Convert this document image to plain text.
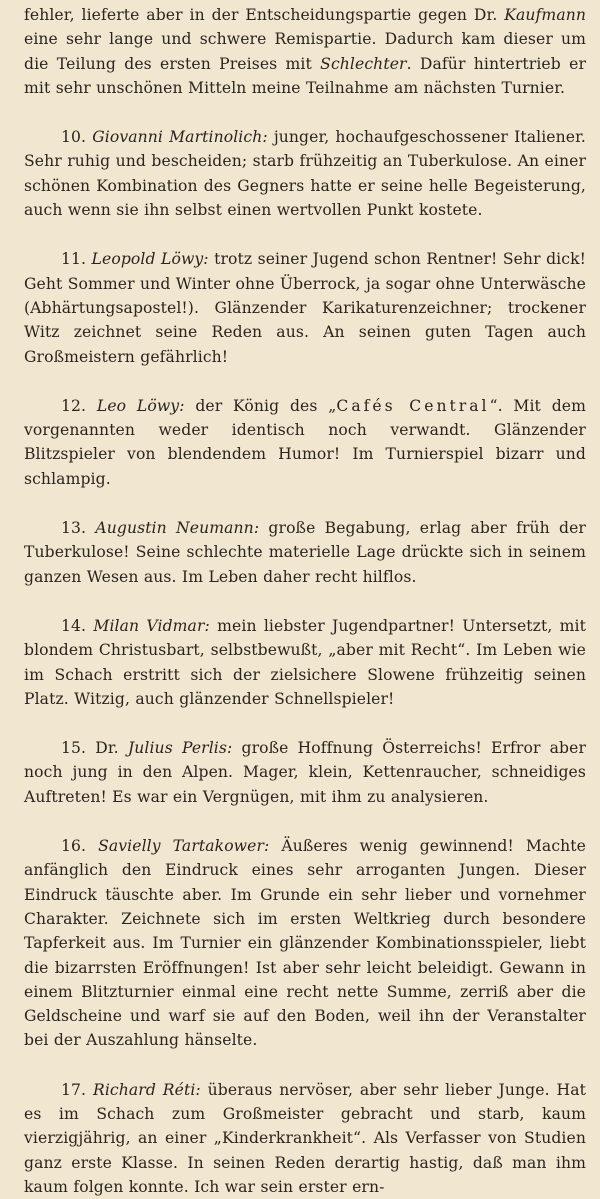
fehler, lieferte aber in der Entscheidungspartie gegen Dr. Kaufmann eine sehr lange und schwere Remispartie. Dadurch kam dieser um die Teilung des ersten Preises mit Schlechter. Dafür hintertrieb er mit sehr unschönen Mitteln meine Teilnahme am nächsten Turnier.

10. Giovanni Martinolich: junger, hochaufgeschossener Italiener. Sehr ruhig und bescheiden; starb frühzeitig an Tuberkulose. An einer schönen Kombination des Gegners hatte er seine helle Begeisterung, auch wenn sie ihn selbst einen wertvollen Punkt kostete.

11. Leopold Löwy: trotz seiner Jugend schon Rentner! Sehr dick! Geht Sommer und Winter ohne Überrock, ja sogar ohne Unterwäsche (Abhärtungsapostel!). Glänzender Karikaturenzeichner; trockener Witz zeichnet seine Reden aus. An seinen guten Tagen auch Großmeistern gefährlich!

12. Leo Löwy: der König des „Cafés Central“. Mit dem vorgenannten weder identisch noch verwandt. Glänzender Blitzspieler von blendendem Humor! Im Turnierspiel bizarr und schlampig.

13. Augustin Neumann: große Begabung, erlag aber früh der Tuberkulose! Seine schlechte materielle Lage drückte sich in seinem ganzen Wesen aus. Im Leben daher recht hilflos.

14. Milan Vidmar: mein liebster Jugendpartner! Untersetzt, mit blondem Christusbart, selbstbewußt, „aber mit Recht“. Im Leben wie im Schach erstritt sich der zielsichere Slowene frühzeitig seinen Platz. Witzig, auch glänzender Schnellspieler!

15. Dr. Julius Perlis: große Hoffnung Österreichs! Erfror aber noch jung in den Alpen. Mager, klein, Kettenraucher, schneidiges Auftreten! Es war ein Vergnügen, mit ihm zu analysieren.

16. Savielly Tartakower: Äußeres wenig gewinnend! Machte anfänglich den Eindruck eines sehr arroganten Jungen. Dieser Eindruck täuschte aber. Im Grunde ein sehr lieber und vornehmer Charakter. Zeichnete sich im ersten Weltkrieg durch besondere Tapferkeit aus. Im Turnier ein glänzender Kombinationsspieler, liebt die bizarrsten Eröffnungen! Ist aber sehr leicht beleidigt. Gewann in einem Blitzturnier einmal eine recht nette Summe, zerriß aber die Geldscheine und warf sie auf den Boden, weil ihn der Veranstalter bei der Auszahlung hänselte.

17. Richard Réti: überaus nervöser, aber sehr lieber Junge. Hat es im Schach zum Großmeister gebracht und starb, kaum vierzigjährig, an einer „Kinderkrankheit“. Als Verfasser von Studien ganz erste Klasse. In seinen Reden derartig hastig, daß man ihm kaum folgen konnte. Ich war sein erster ern-
